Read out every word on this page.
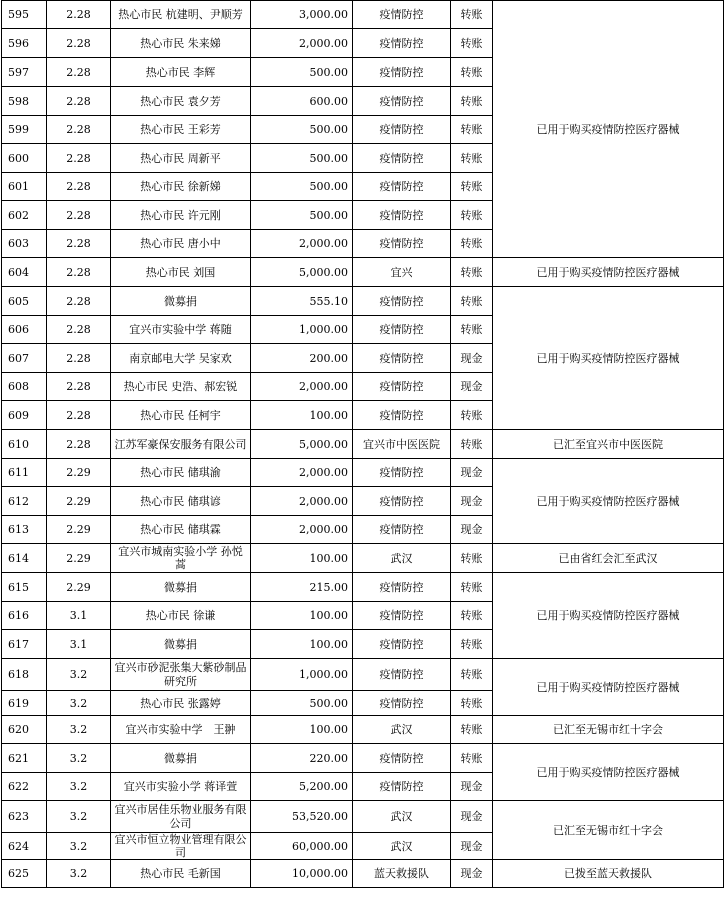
595	2.28	热心市民 杭建明、尹顺芳	3,000.00	疫情防控	转账	已用于购买疫情防控医疗器械
596	2.28	热心市民 朱来娣	2,000.00	疫情防控	转账	
597	2.28	热心市民 李辉	500.00	疫情防控	转账	
598	2.28	热心市民 袁夕芳	600.00	疫情防控	转账	
599	2.28	热心市民 王彩芳	500.00	疫情防控	转账	
600	2.28	热心市民 周新平	500.00	疫情防控	转账	
601	2.28	热心市民 徐新娣	500.00	疫情防控	转账	
602	2.28	热心市民 许元刚	500.00	疫情防控	转账	
603	2.28	热心市民 唐小中	2,000.00	疫情防控	转账	
604	2.28	热心市民 刘国	5,000.00	宜兴	转账	已用于购买疫情防控医疗器械
605	2.28	微募捐	555.10	疫情防控	转账	已用于购买疫情防控医疗器械
606	2.28	宜兴市实验中学 蒋随	1,000.00	疫情防控	转账	
607	2.28	南京邮电大学 吴家欢	200.00	疫情防控	现金	
608	2.28	热心市民 史浩、郝宏锐	2,000.00	疫情防控	现金	
609	2.28	热心市民 任柯宇	100.00	疫情防控	转账	
610	2.28	江苏军豪保安服务有限公司	5,000.00	宜兴市中医医院	转账	已汇至宜兴市中医医院
611	2.29	热心市民 储琪渝	2,000.00	疫情防控	现金	已用于购买疫情防控医疗器械
612	2.29	热心市民 储琪谚	2,000.00	疫情防控	现金	
613	2.29	热心市民 储琪霖	2,000.00	疫情防控	现金	
614	2.29	宜兴市城南实验小学 孙悦蒿	100.00	武汉	转账	已由省红会汇至武汉
615	2.29	微募捐	215.00	疫情防控	转账	已用于购买疫情防控医疗器械
616	3.1	热心市民 徐谦	100.00	疫情防控	转账	
617	3.1	微募捐	100.00	疫情防控	转账	
618	3.2	宜兴市砂泥张集大紫砂制品研究所	1,000.00	疫情防控	转账	已用于购买疫情防控医疗器械
619	3.2	热心市民 张露婷	500.00	疫情防控	转账	
620	3.2	宜兴市实验中学　王翀	100.00	武汉	转账	已汇至无锡市红十字会
621	3.2	微募捐	220.00	疫情防控	转账	已用于购买疫情防控医疗器械
622	3.2	宜兴市实验小学 蒋译萱	5,200.00	疫情防控	现金	
623	3.2	宜兴市居佳乐物业服务有限公司	53,520.00	武汉	现金	已汇至无锡市红十字会
624	3.2	宜兴市恒立物业管理有限公司	60,000.00	武汉	现金	
625	3.2	热心市民 毛新国	10,000.00	蓝天救援队	现金	已拨至蓝天救援队
